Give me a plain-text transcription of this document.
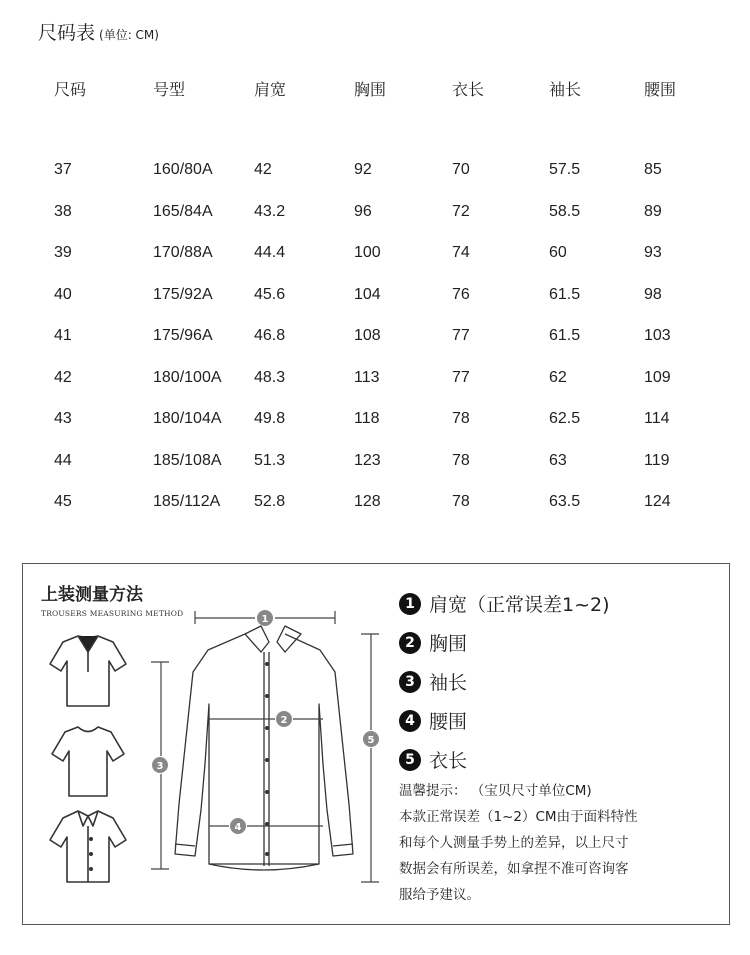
尺码表 (单位: CM)
尺码	号型	肩宽	胸围	衣长	袖长	腰围

37	160/80A	42	92	70	57.5	85
38	165/84A	43.2	96	72	58.5	89
39	170/88A	44.4	100	74	60	93
40	175/92A	45.6	104	76	61.5	98
41	175/96A	46.8	108	77	61.5	103
42	180/100A	48.3	113	77	62	109
43	180/104A	49.8	118	78	62.5	114
44	185/108A	51.3	123	78	63	119
45	185/112A	52.8	128	78	63.5	124
上装测量方法
TROUSERS MEASURING METHOD
1
2
3
4
5
1 肩宽（正常误差1~2)
2 胸围
3 袖长
4 腰围
5 衣长
温馨提示： （宝贝尺寸单位CM)
本款正常误差（1~2）CM由于面料特性
和每个人测量手势上的差异，以上尺寸
数据会有所误差，如拿捏不准可咨询客
服给予建议。
